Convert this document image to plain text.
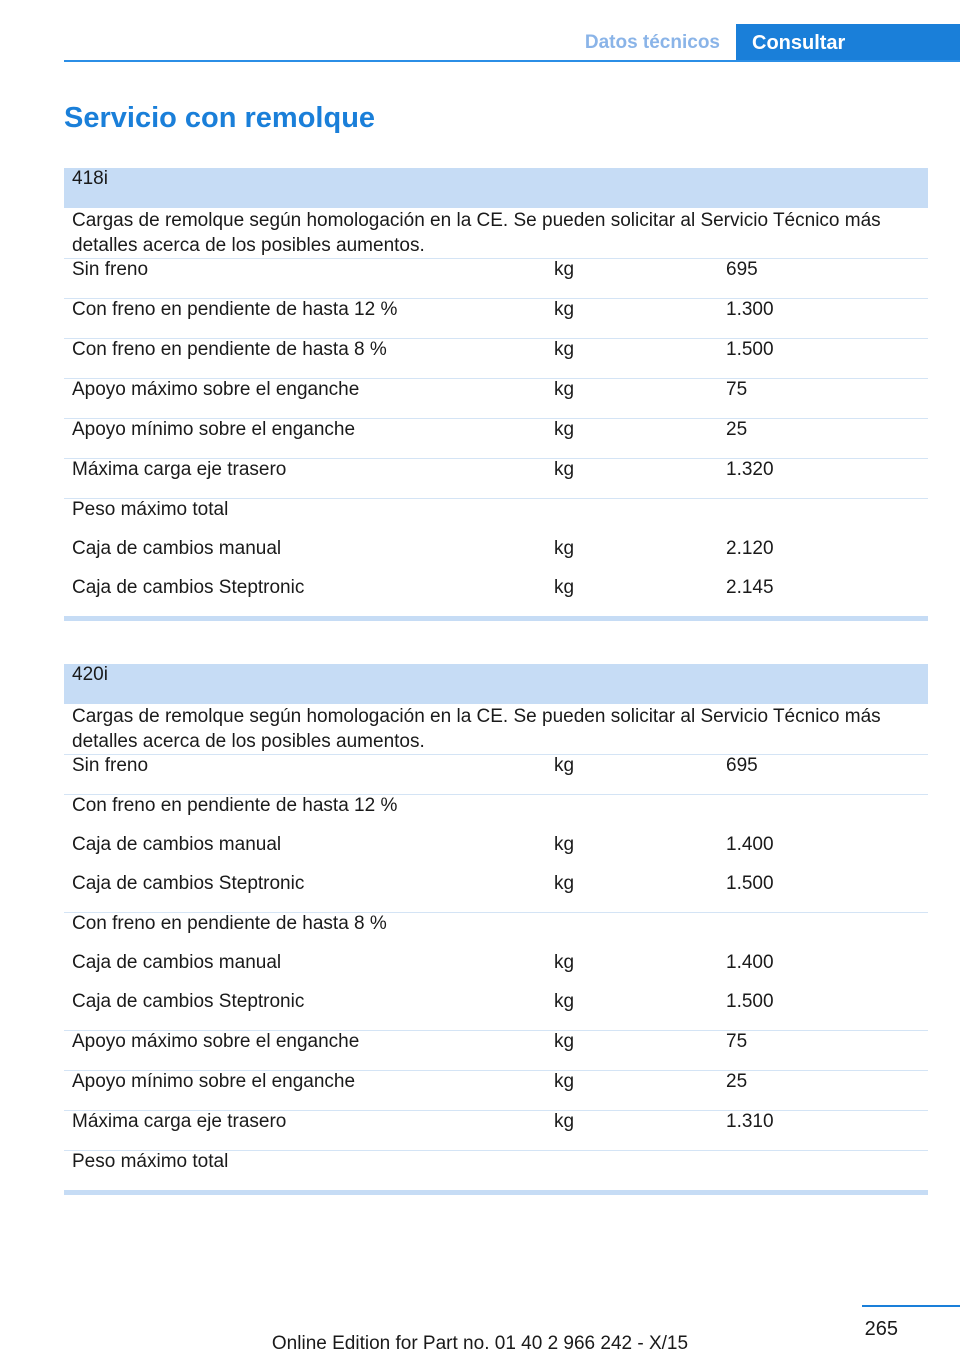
Datos técnicos	Consultar
Servicio con remolque
418i		
Cargas de remolque según homologación en la CE. Se pueden solicitar al Servicio Técnico más detalles acerca de los posibles aumentos.		
Sin freno	kg	695
Con freno en pendiente de hasta 12 %	kg	1.300
Con freno en pendiente de hasta 8 %	kg	1.500
Apoyo máximo sobre el enganche	kg	75
Apoyo mínimo sobre el enganche	kg	25
Máxima carga eje trasero	kg	1.320
Peso máximo total		
Caja de cambios manual	kg	2.120
Caja de cambios Steptronic	kg	2.145
420i		
Cargas de remolque según homologación en la CE. Se pueden solicitar al Servicio Técnico más detalles acerca de los posibles aumentos.		
Sin freno	kg	695
Con freno en pendiente de hasta 12 %		
Caja de cambios manual	kg	1.400
Caja de cambios Steptronic	kg	1.500
Con freno en pendiente de hasta 8 %		
Caja de cambios manual	kg	1.400
Caja de cambios Steptronic	kg	1.500
Apoyo máximo sobre el enganche	kg	75
Apoyo mínimo sobre el enganche	kg	25
Máxima carga eje trasero	kg	1.310
Peso máximo total		
265
Online Edition for Part no. 01 40 2 966 242 - X/15
